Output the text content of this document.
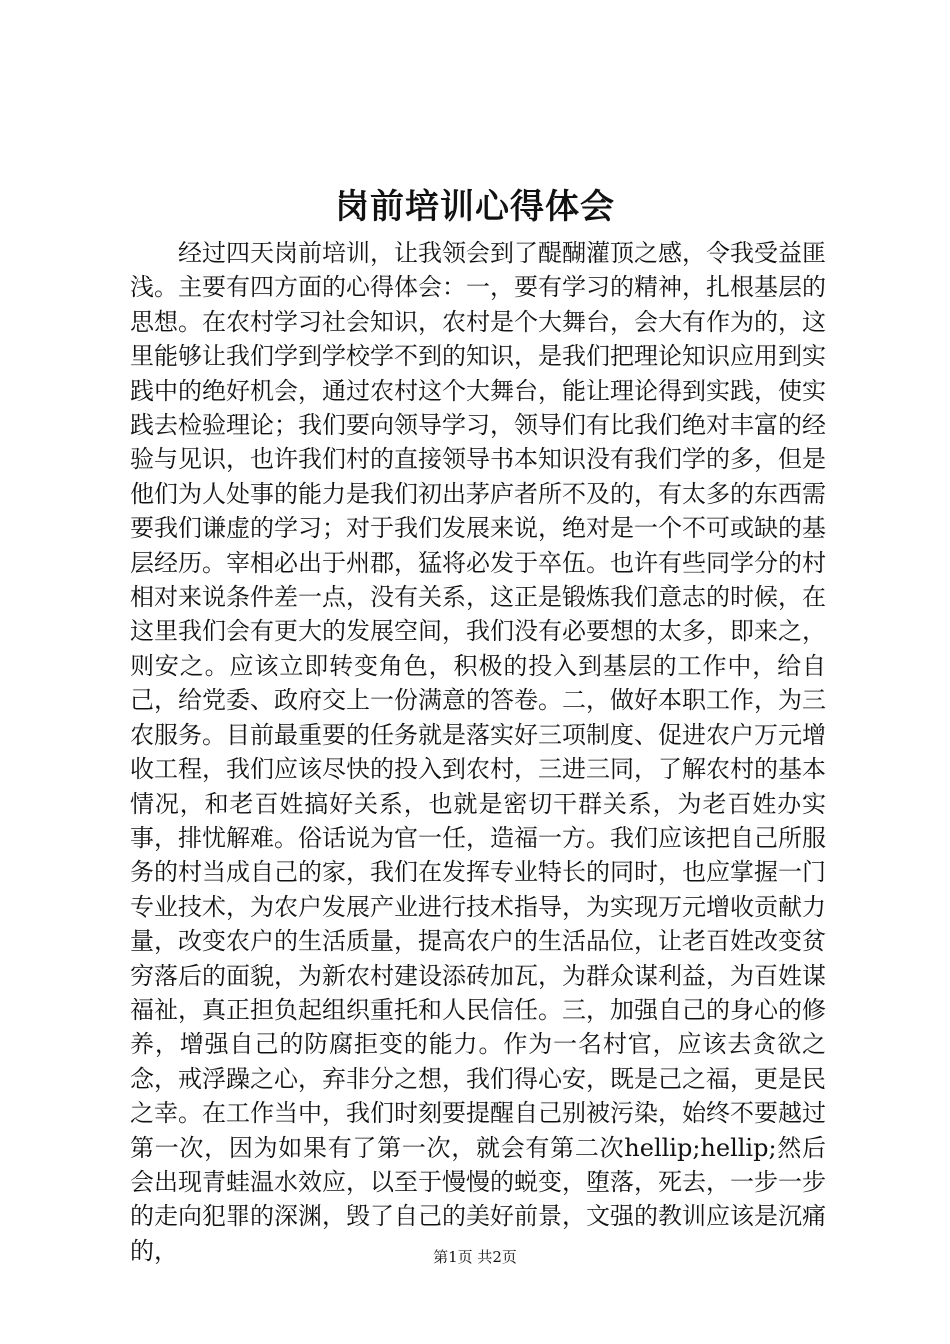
岗前培训心得体会

经过四天岗前培训，让我领会到了醍醐灌顶之感，令我受益匪浅。主要有四方面的心得体会：一，要有学习的精神，扎根基层的思想。在农村学习社会知识，农村是个大舞台，会大有作为的，这里能够让我们学到学校学不到的知识，是我们把理论知识应用到实践中的绝好机会，通过农村这个大舞台，能让理论得到实践，使实践去检验理论；我们要向领导学习，领导们有比我们绝对丰富的经验与见识，也许我们村的直接领导书本知识没有我们学的多，但是他们为人处事的能力是我们初出茅庐者所不及的，有太多的东西需要我们谦虚的学习；对于我们发展来说，绝对是一个不可或缺的基层经历。宰相必出于州郡，猛将必发于卒伍。也许有些同学分的村相对来说条件差一点，没有关系，这正是锻炼我们意志的时候，在这里我们会有更大的发展空间，我们没有必要想的太多，即来之，则安之。应该立即转变角色，积极的投入到基层的工作中，给自己，给党委、政府交上一份满意的答卷。二，做好本职工作，为三农服务。目前最重要的任务就是落实好三项制度、促进农户万元增收工程，我们应该尽快的投入到农村，三进三同，了解农村的基本情况，和老百姓搞好关系，也就是密切干群关系，为老百姓办实事，排忧解难。俗话说为官一任，造福一方。我们应该把自己所服务的村当成自己的家，我们在发挥专业特长的同时，也应掌握一门专业技术，为农户发展产业进行技术指导，为实现万元增收贡献力量，改变农户的生活质量，提高农户的生活品位，让老百姓改变贫穷落后的面貌，为新农村建设添砖加瓦，为群众谋利益，为百姓谋福祉，真正担负起组织重托和人民信任。三，加强自己的身心的修养，增强自己的防腐拒变的能力。作为一名村官，应该去贪欲之念，戒浮躁之心，弃非分之想，我们得心安，既是己之福，更是民之幸。在工作当中，我们时刻要提醒自己别被污染，始终不要越过第一次，因为如果有了第一次，就会有第二次hellip;hellip;然后会出现青蛙温水效应，以至于慢慢的蜕变，堕落，死去，一步一步的走向犯罪的深渊，毁了自己的美好前景，文强的教训应该是沉痛的，	第1页 共2页
